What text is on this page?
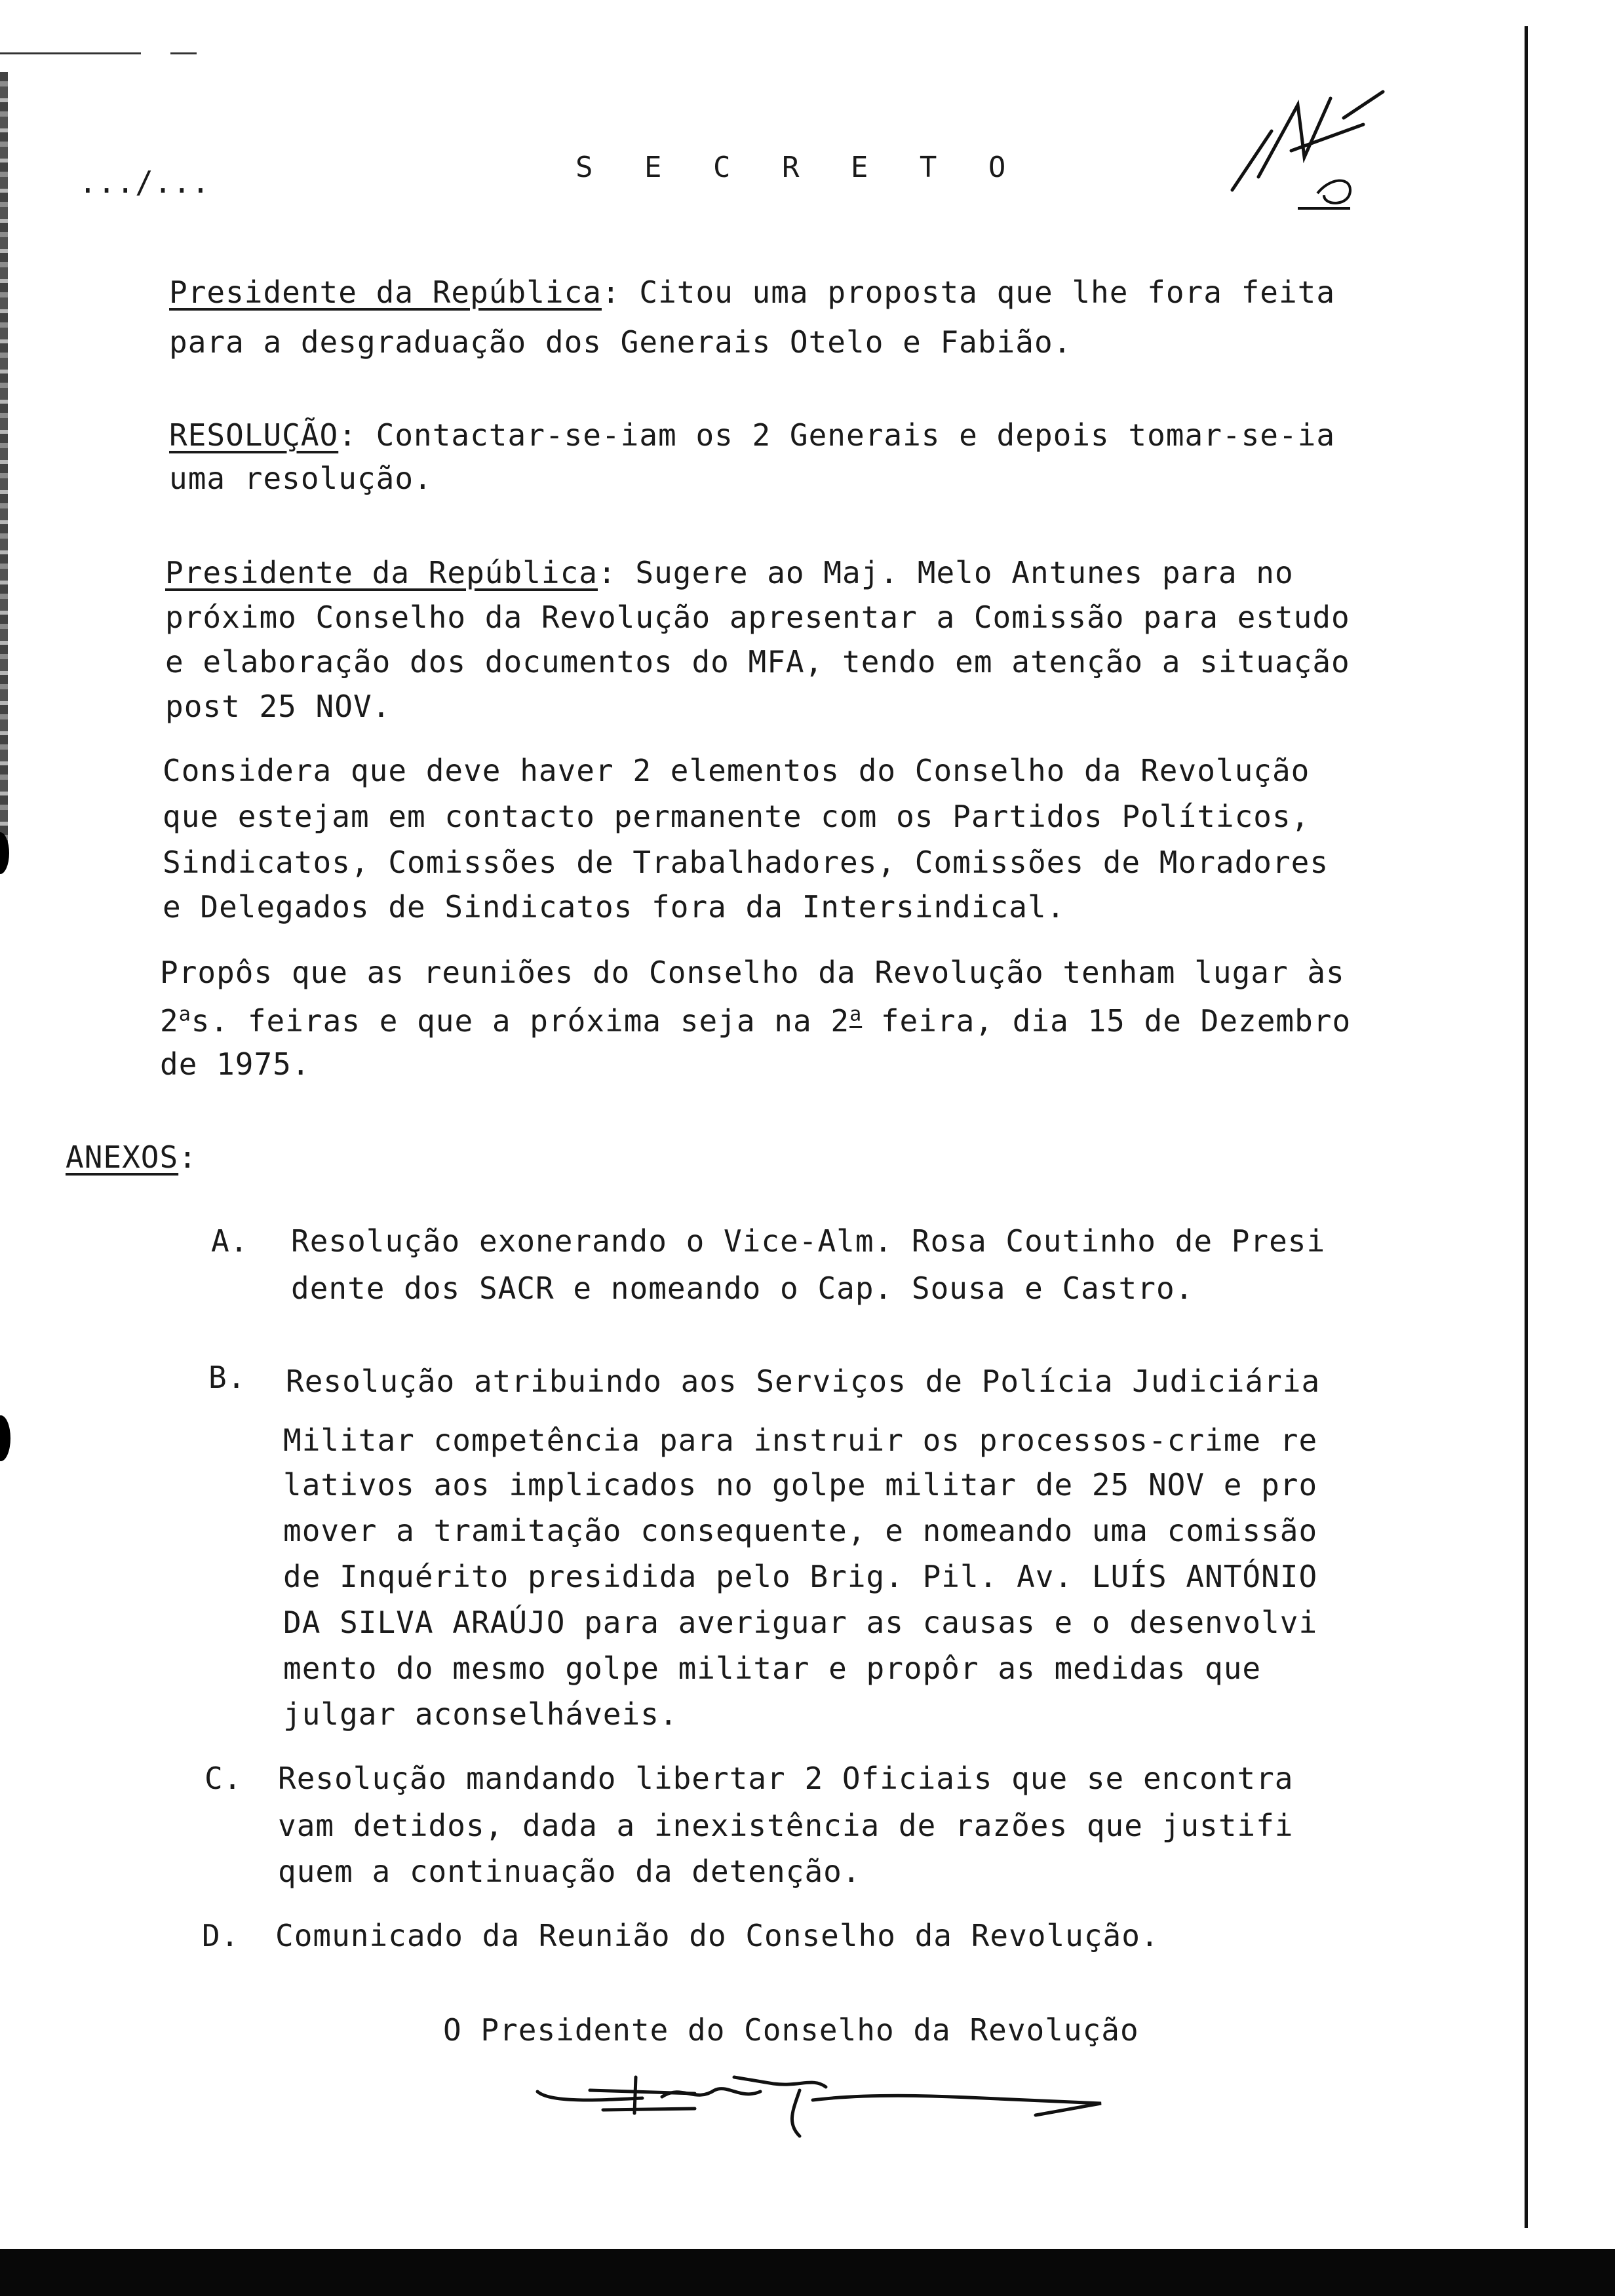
.../...	S E C R E T O
Presidente da República: Citou uma proposta que lhe fora feita
para a desgraduação dos Generais Otelo e Fabião.
RESOLUÇÃO: Contactar-se-iam os 2 Generais e depois tomar-se-ia
uma resolução.
Presidente da República: Sugere ao Maj. Melo Antunes para no
próximo Conselho da Revolução apresentar a Comissão para estudo
e elaboração dos documentos do MFA, tendo em atenção a situação
post 25 NOV.
Considera que deve haver 2 elementos do Conselho da Revolução
que estejam em contacto permanente com os Partidos Políticos,
Sindicatos, Comissões de Trabalhadores, Comissões de Moradores
e Delegados de Sindicatos fora da Intersindical.
Propôs que as reuniões do Conselho da Revolução tenham lugar às
2$^a$s. feiras e que a próxima seja na 2$^a$ feira, dia 15 de Dezembro
de 1975.
ANEXOS:
A. Resolução exonerando o Vice-Alm. Rosa Coutinho de Presi
dente dos SACR e nomeando o Cap. Sousa e Castro.
B. Resolução atribuindo aos Serviços de Polícia Judiciária
Militar competência para instruir os processos-crime re
lativos aos implicados no golpe militar de 25 NOV e pro
mover a tramitação consequente, e nomeando uma comissão
de Inquérito presidida pelo Brig. Pil. Av. LUÍS ANTÓNIO
DA SILVA ARAÚJO para averiguar as causas e o desenvolvi
mento do mesmo golpe militar e propôr as medidas que
julgar aconselháveis.
C. Resolução mandando libertar 2 Oficiais que se encontra
vam detidos, dada a inexistência de razões que justifi
quem a continuação da detenção.
D. Comunicado da Reunião do Conselho da Revolução.
O Presidente do Conselho da Revolução
